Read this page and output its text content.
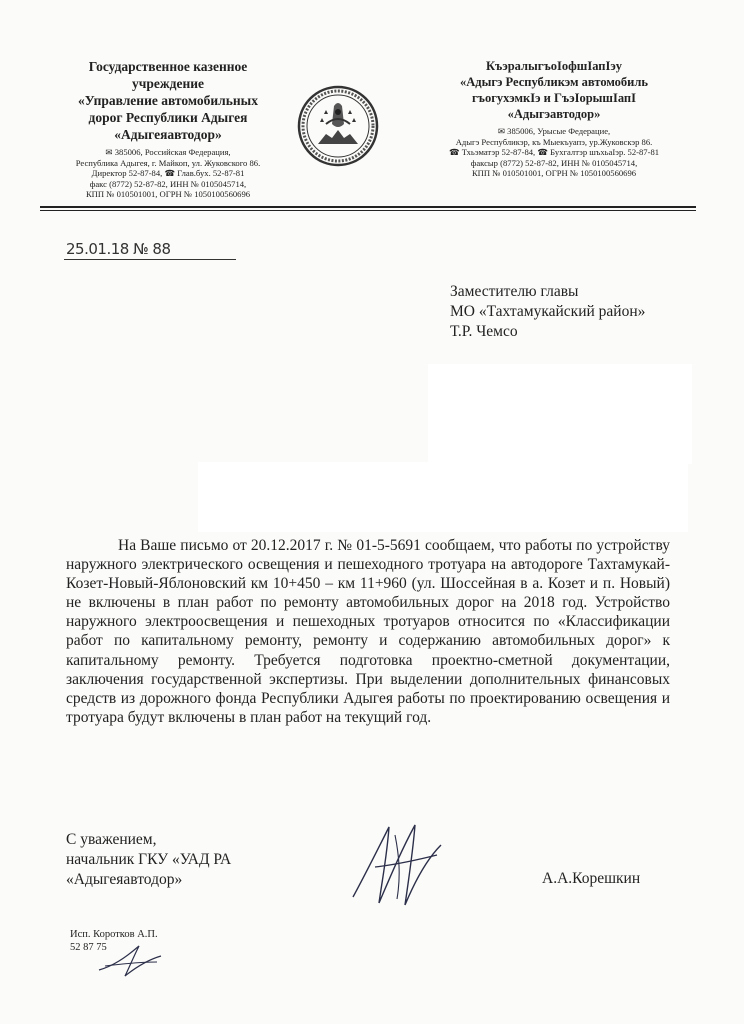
Государственное казенное
учреждение
«Управление автомобильных
дорог Республики Адыгея
«Адыгеяавтодор»
✉ 385006, Российская Федерация,
Республика Адыгея, г. Майкоп, ул. Жуковского 86.
Директор 52-87-84, ☎ Глав.бух. 52-87-81
факс (8772) 52-87-82, ИНН № 0105045714,
КПП № 010501001, ОГРН № 1050100560696
КъэралыгъоIофшIапIэу
«Адыгэ Республикэм автомобиль
гъогухэмкIэ и ГъэIорышIапI
«Адыгэавтодор»
✉ 385006, Урысые Федерацие,
Адыгэ Республикэр, къ Мыекъуапэ, ур.Жуковскэр 86.
☎ Тхьэматэр 52-87-84, ☎ Бухгалтэр шъхьаIэр. 52-87-81
факсыр (8772) 52-87-82, ИНН № 0105045714,
КПП № 010501001, ОГРН № 1050100560696
25.01.18 № 88
Заместителю главы
МО «Тахтамукайский район»
Т.Р. Чемсо

На Ваше письмо от 20.12.2017 г. № 01-5-5691 сообщаем, что работы по устройству наружного электрического освещения и пешеходного тротуара на автодороге Тахтамукай-Козет-Новый-Яблоновский км 10+450 – км 11+960 (ул. Шоссейная в а. Козет и п. Новый) не включены в план работ по ремонту автомобильных дорог на 2018 год. Устройство наружного электроосвещения и пешеходных тротуаров относится по «Классификации работ по капитальному ремонту, ремонту и содержанию автомобильных дорог» к капитальному ремонту. Требуется подготовка проектно-сметной документации, заключения государственной экспертизы. При выделении дополнительных финансовых средств из дорожного фонда Республики Адыгея работы по проектированию освещения и тротуара будут включены в план работ на текущий год.

С уважением,
начальник ГКУ «УАД РА
«Адыгеяавтодор»	А.А.Корешкин
Исп. Коротков А.П.
52 87 75
